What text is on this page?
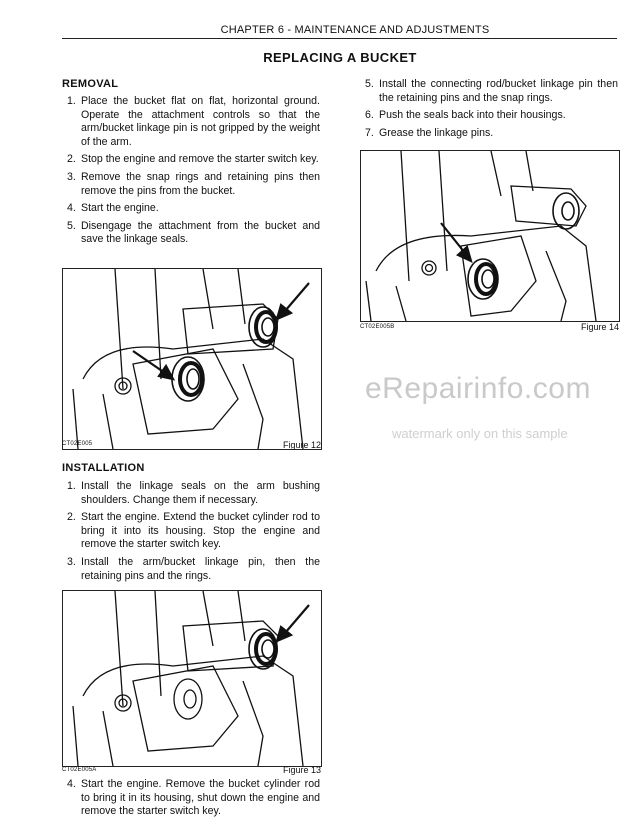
CHAPTER 6 - MAINTENANCE AND ADJUSTMENTS
REPLACING A BUCKET
REMOVAL
1. Place the bucket flat on flat, horizontal ground. Operate the attachment controls so that the arm/bucket linkage pin is not gripped by the weight of the arm.
2. Stop the engine and remove the starter switch key.
3. Remove the snap rings and retaining pins then remove the pins from the bucket.
4. Start the engine.
5. Disengage the attachment from the bucket and save the linkage seals.
CT02E005	Figure 12
INSTALLATION
1. Install the linkage seals on the arm bushing shoulders. Change them if necessary.
2. Start the engine. Extend the bucket cylinder rod to bring it into its housing. Stop the engine and remove the starter switch key.
3. Install the arm/bucket linkage pin, then the retaining pins and the rings.
CT02E005A	Figure 13
4. Start the engine. Remove the bucket cylinder rod to bring it in its housing, shut down the engine and remove the starter switch key.
5. Install the connecting rod/bucket linkage pin then the retaining pins and the snap rings.
6. Push the seals back into their housings.
7. Grease the linkage pins.
CT02E005B	Figure 14
eRepairinfo.com
watermark only on this sample
